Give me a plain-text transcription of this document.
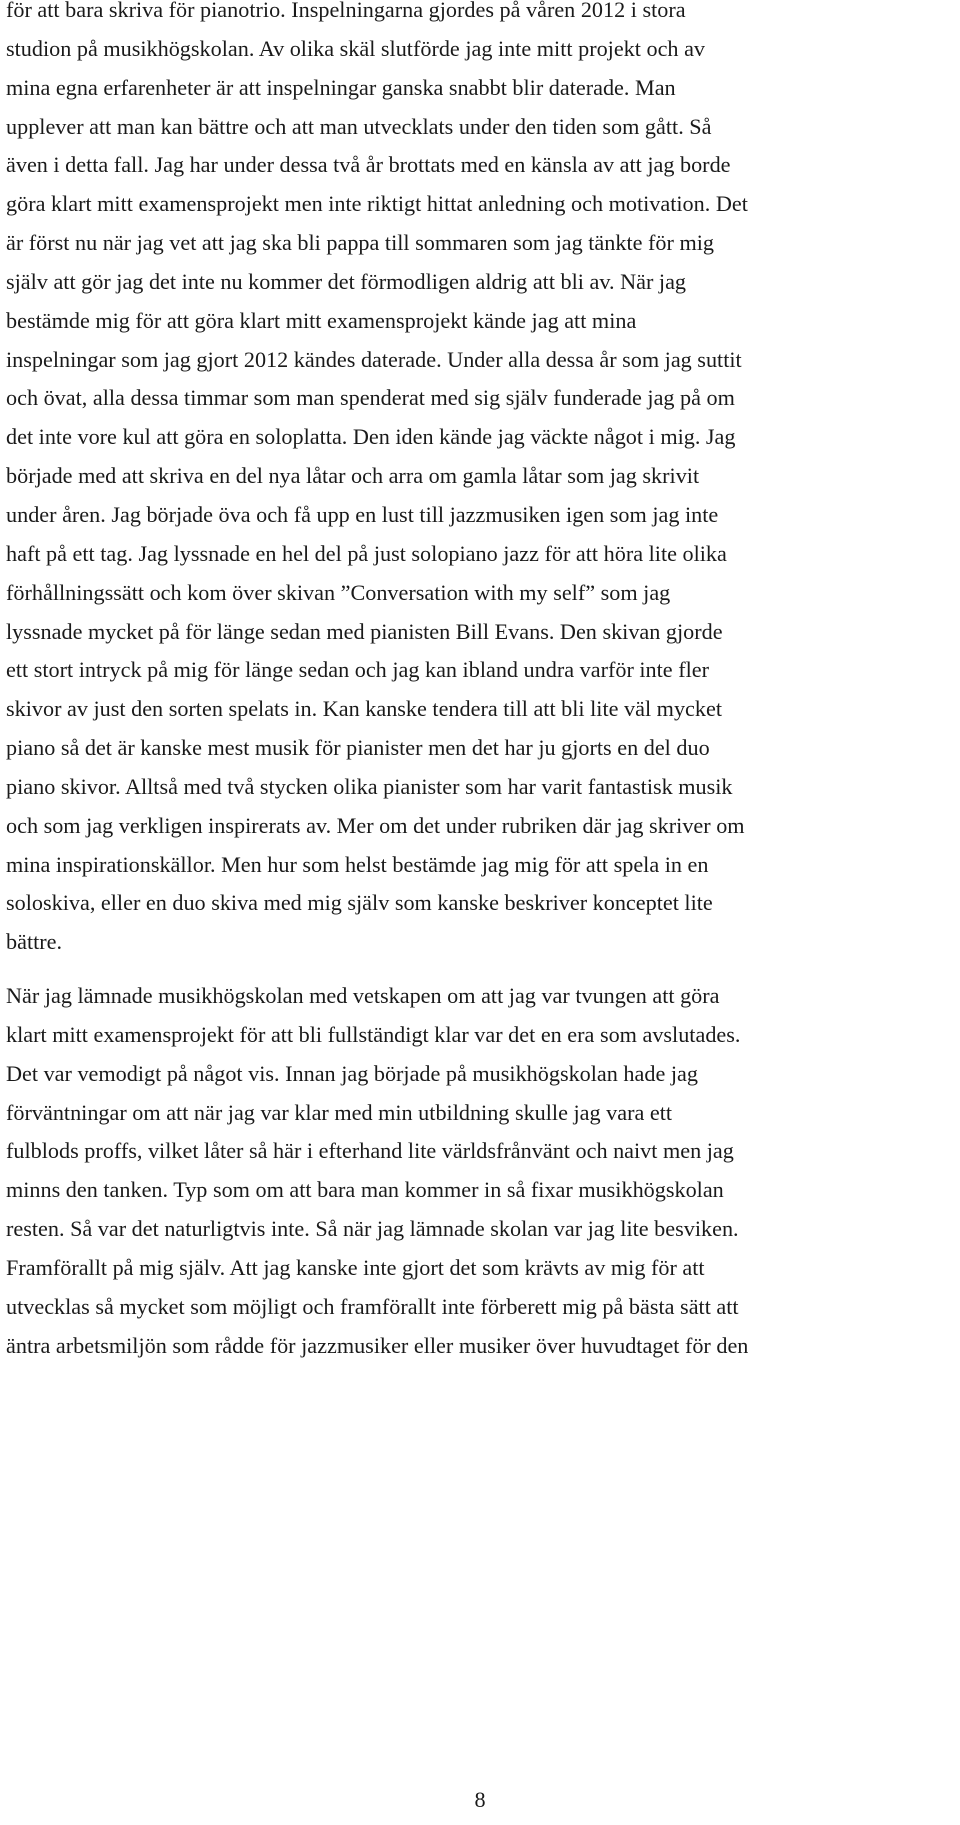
för att bara skriva för pianotrio. Inspelningarna gjordes på våren 2012 i stora
studion på musikhögskolan. Av olika skäl slutförde jag inte mitt projekt och av
mina egna erfarenheter är att inspelningar ganska snabbt blir daterade. Man
upplever att man kan bättre och att man utvecklats under den tiden som gått. Så
även i detta fall. Jag har under dessa två år brottats med en känsla av att jag borde
göra klart mitt examensprojekt men inte riktigt hittat anledning och motivation. Det
är först nu när jag vet att jag ska bli pappa till sommaren som jag tänkte för mig
själv att gör jag det inte nu kommer det förmodligen aldrig att bli av. När jag
bestämde mig för att göra klart mitt examensprojekt kände jag att mina
inspelningar som jag gjort 2012 kändes daterade. Under alla dessa år som jag suttit
och övat, alla dessa timmar som man spenderat med sig själv funderade jag på om
det inte vore kul att göra en soloplatta. Den iden kände jag väckte något i mig. Jag
började med att skriva en del nya låtar och arra om gamla låtar som jag skrivit
under åren. Jag började öva och få upp en lust till jazzmusiken igen som jag inte
haft på ett tag. Jag lyssnade en hel del på just solopiano jazz för att höra lite olika
förhållningssätt och kom över skivan ”Conversation with my self” som jag
lyssnade mycket på för länge sedan med pianisten Bill Evans. Den skivan gjorde
ett stort intryck på mig för länge sedan och jag kan ibland undra varför inte fler
skivor av just den sorten spelats in. Kan kanske tendera till att bli lite väl mycket
piano så det är kanske mest musik för pianister men det har ju gjorts en del duo
piano skivor. Alltså med två stycken olika pianister som har varit fantastisk musik
och som jag verkligen inspirerats av. Mer om det under rubriken där jag skriver om
mina inspirationskällor. Men hur som helst bestämde jag mig för att spela in en
soloskiva, eller en duo skiva med mig själv som kanske beskriver konceptet lite
bättre.

När jag lämnade musikhögskolan med vetskapen om att jag var tvungen att göra
klart mitt examensprojekt för att bli fullständigt klar var det en era som avslutades.
Det var vemodigt på något vis. Innan jag började på musikhögskolan hade jag
förväntningar om att när jag var klar med min utbildning skulle jag vara ett
fulblods proffs, vilket låter så här i efterhand lite världsfrånvänt och naivt men jag
minns den tanken. Typ som om att bara man kommer in så fixar musikhögskolan
resten. Så var det naturligtvis inte. Så när jag lämnade skolan var jag lite besviken.
Framförallt på mig själv. Att jag kanske inte gjort det som krävts av mig för att
utvecklas så mycket som möjligt och framförallt inte förberett mig på bästa sätt att
äntra arbetsmiljön som rådde för jazzmusiker eller musiker över huvudtaget för den

8
